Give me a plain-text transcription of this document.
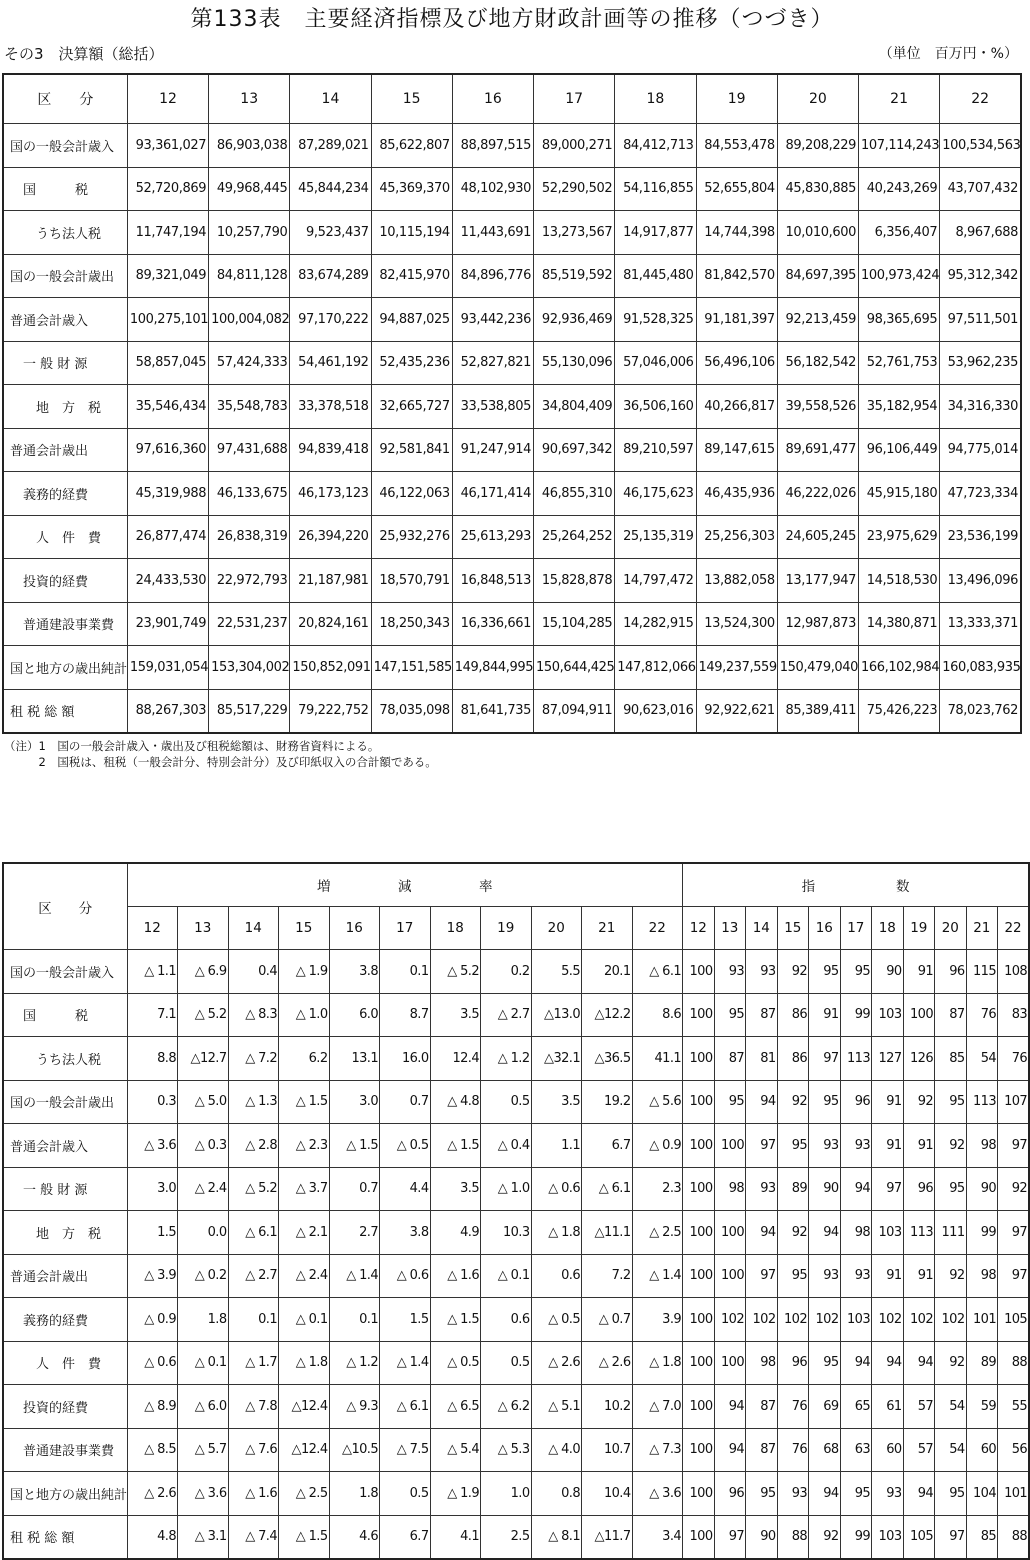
第133表　主要経済指標及び地方財政計画等の推移（つづき）
その3　決算額（総括）	（単位　百万円・%）
区　　分	12	13	14	15	16	17	18	19	20	21	22
国の一般会計歳入	93,361,027	86,903,038	87,289,021	85,622,807	88,897,515	89,000,271	84,412,713	84,553,478	89,208,229	107,114,243	100,534,563
　国　　　税	52,720,869	49,968,445	45,844,234	45,369,370	48,102,930	52,290,502	54,116,855	52,655,804	45,830,885	40,243,269	43,707,432
　　うち法人税	11,747,194	10,257,790	9,523,437	10,115,194	11,443,691	13,273,567	14,917,877	14,744,398	10,010,600	6,356,407	8,967,688
国の一般会計歳出	89,321,049	84,811,128	83,674,289	82,415,970	84,896,776	85,519,592	81,445,480	81,842,570	84,697,395	100,973,424	95,312,342
普通会計歳入	100,275,101	100,004,082	97,170,222	94,887,025	93,442,236	92,936,469	91,528,325	91,181,397	92,213,459	98,365,695	97,511,501
　一 般 財 源	58,857,045	57,424,333	54,461,192	52,435,236	52,827,821	55,130,096	57,046,006	56,496,106	56,182,542	52,761,753	53,962,235
　　地　方　税	35,546,434	35,548,783	33,378,518	32,665,727	33,538,805	34,804,409	36,506,160	40,266,817	39,558,526	35,182,954	34,316,330
普通会計歳出	97,616,360	97,431,688	94,839,418	92,581,841	91,247,914	90,697,342	89,210,597	89,147,615	89,691,477	96,106,449	94,775,014
　義務的経費	45,319,988	46,133,675	46,173,123	46,122,063	46,171,414	46,855,310	46,175,623	46,435,936	46,222,026	45,915,180	47,723,334
　　人　件　費	26,877,474	26,838,319	26,394,220	25,932,276	25,613,293	25,264,252	25,135,319	25,256,303	24,605,245	23,975,629	23,536,199
　投資的経費	24,433,530	22,972,793	21,187,981	18,570,791	16,848,513	15,828,878	14,797,472	13,882,058	13,177,947	14,518,530	13,496,096
　普通建設事業費	23,901,749	22,531,237	20,824,161	18,250,343	16,336,661	15,104,285	14,282,915	13,524,300	12,987,873	14,380,871	13,333,371
国と地方の歳出純計	159,031,054	153,304,002	150,852,091	147,151,585	149,844,995	150,644,425	147,812,066	149,237,559	150,479,040	166,102,984	160,083,935
租 税 総 額	88,267,303	85,517,229	79,222,752	78,035,098	81,641,735	87,094,911	90,623,016	92,922,621	85,389,411	75,426,223	78,023,762
（注）1　国の一般会計歳入・歳出及び租税総額は、財務省資料による。
　　　2　国税は、租税（一般会計分、特別会計分）及び印紙収入の合計額である。
区　　分	増　　　　　減　　　　　率											指　　　　　　数										
	12	13	14	15	16	17	18	19	20	21	22	12	13	14	15	16	17	18	19	20	21	22
国の一般会計歳入	△ 1.1	△ 6.9	0.4	△ 1.9	3.8	0.1	△ 5.2	0.2	5.5	20.1	△ 6.1	100	93	93	92	95	95	90	91	96	115	108
　国　　　税	7.1	△ 5.2	△ 8.3	△ 1.0	6.0	8.7	3.5	△ 2.7	△13.0	△12.2	8.6	100	95	87	86	91	99	103	100	87	76	83
　　うち法人税	8.8	△12.7	△ 7.2	6.2	13.1	16.0	12.4	△ 1.2	△32.1	△36.5	41.1	100	87	81	86	97	113	127	126	85	54	76
国の一般会計歳出	0.3	△ 5.0	△ 1.3	△ 1.5	3.0	0.7	△ 4.8	0.5	3.5	19.2	△ 5.6	100	95	94	92	95	96	91	92	95	113	107
普通会計歳入	△ 3.6	△ 0.3	△ 2.8	△ 2.3	△ 1.5	△ 0.5	△ 1.5	△ 0.4	1.1	6.7	△ 0.9	100	100	97	95	93	93	91	91	92	98	97
　一 般 財 源	3.0	△ 2.4	△ 5.2	△ 3.7	0.7	4.4	3.5	△ 1.0	△ 0.6	△ 6.1	2.3	100	98	93	89	90	94	97	96	95	90	92
　　地　方　税	1.5	0.0	△ 6.1	△ 2.1	2.7	3.8	4.9	10.3	△ 1.8	△11.1	△ 2.5	100	100	94	92	94	98	103	113	111	99	97
普通会計歳出	△ 3.9	△ 0.2	△ 2.7	△ 2.4	△ 1.4	△ 0.6	△ 1.6	△ 0.1	0.6	7.2	△ 1.4	100	100	97	95	93	93	91	91	92	98	97
　義務的経費	△ 0.9	1.8	0.1	△ 0.1	0.1	1.5	△ 1.5	0.6	△ 0.5	△ 0.7	3.9	100	102	102	102	102	103	102	102	102	101	105
　　人　件　費	△ 0.6	△ 0.1	△ 1.7	△ 1.8	△ 1.2	△ 1.4	△ 0.5	0.5	△ 2.6	△ 2.6	△ 1.8	100	100	98	96	95	94	94	94	92	89	88
　投資的経費	△ 8.9	△ 6.0	△ 7.8	△12.4	△ 9.3	△ 6.1	△ 6.5	△ 6.2	△ 5.1	10.2	△ 7.0	100	94	87	76	69	65	61	57	54	59	55
　普通建設事業費	△ 8.5	△ 5.7	△ 7.6	△12.4	△10.5	△ 7.5	△ 5.4	△ 5.3	△ 4.0	10.7	△ 7.3	100	94	87	76	68	63	60	57	54	60	56
国と地方の歳出純計	△ 2.6	△ 3.6	△ 1.6	△ 2.5	1.8	0.5	△ 1.9	1.0	0.8	10.4	△ 3.6	100	96	95	93	94	95	93	94	95	104	101
租 税 総 額	4.8	△ 3.1	△ 7.4	△ 1.5	4.6	6.7	4.1	2.5	△ 8.1	△11.7	3.4	100	97	90	88	92	99	103	105	97	85	88
